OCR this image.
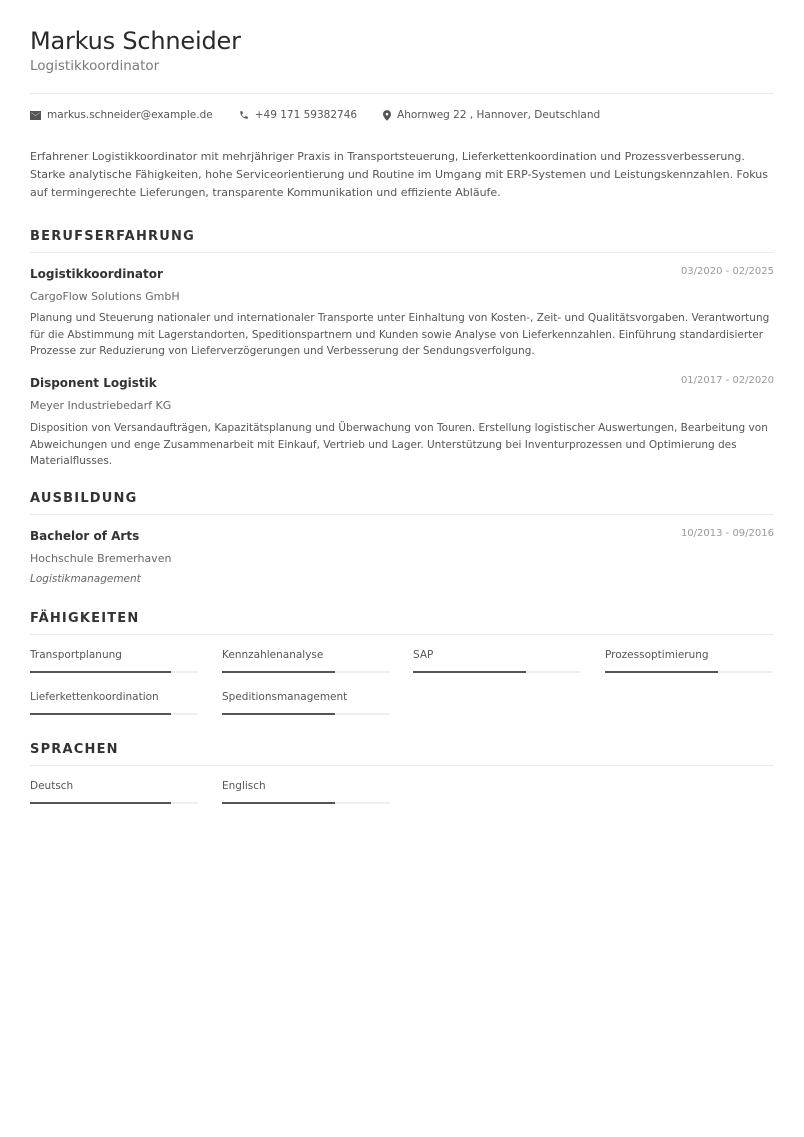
Markus Schneider
Logistikkoordinator
markus.schneider@example.de	+49 171 59382746	Ahornweg 22 , Hannover, Deutschland
Erfahrener Logistikkoordinator mit mehrjähriger Praxis in Transportsteuerung, Lieferkettenkoordination und Prozessverbesserung. Starke analytische Fähigkeiten, hohe Serviceorientierung und Routine im Umgang mit ERP-Systemen und Leistungskennzahlen. Fokus auf termingerechte Lieferungen, transparente Kommunikation und effiziente Abläufe.
BERUFSERFAHRUNG
Logistikkoordinator	03/2020 - 02/2025
CargoFlow Solutions GmbH
Planung und Steuerung nationaler und internationaler Transporte unter Einhaltung von Kosten-, Zeit- und Qualitätsvorgaben. Verantwortung für die Abstimmung mit Lagerstandorten, Speditionspartnern und Kunden sowie Analyse von Lieferkennzahlen. Einführung standardisierter Prozesse zur Reduzierung von Lieferverzögerungen und Verbesserung der Sendungsverfolgung.
Disponent Logistik	01/2017 - 02/2020
Meyer Industriebedarf KG
Disposition von Versandaufträgen, Kapazitätsplanung und Überwachung von Touren. Erstellung logistischer Auswertungen, Bearbeitung von Abweichungen und enge Zusammenarbeit mit Einkauf, Vertrieb und Lager. Unterstützung bei Inventurprozessen und Optimierung des Materialflusses.
AUSBILDUNG
Bachelor of Arts	10/2013 - 09/2016
Hochschule Bremerhaven
Logistikmanagement
FÄHIGKEITEN
Transportplanung	Kennzahlenanalyse	SAP	Prozessoptimierung
Lieferkettenkoordination	Speditionsmanagement
SPRACHEN
Deutsch	Englisch
